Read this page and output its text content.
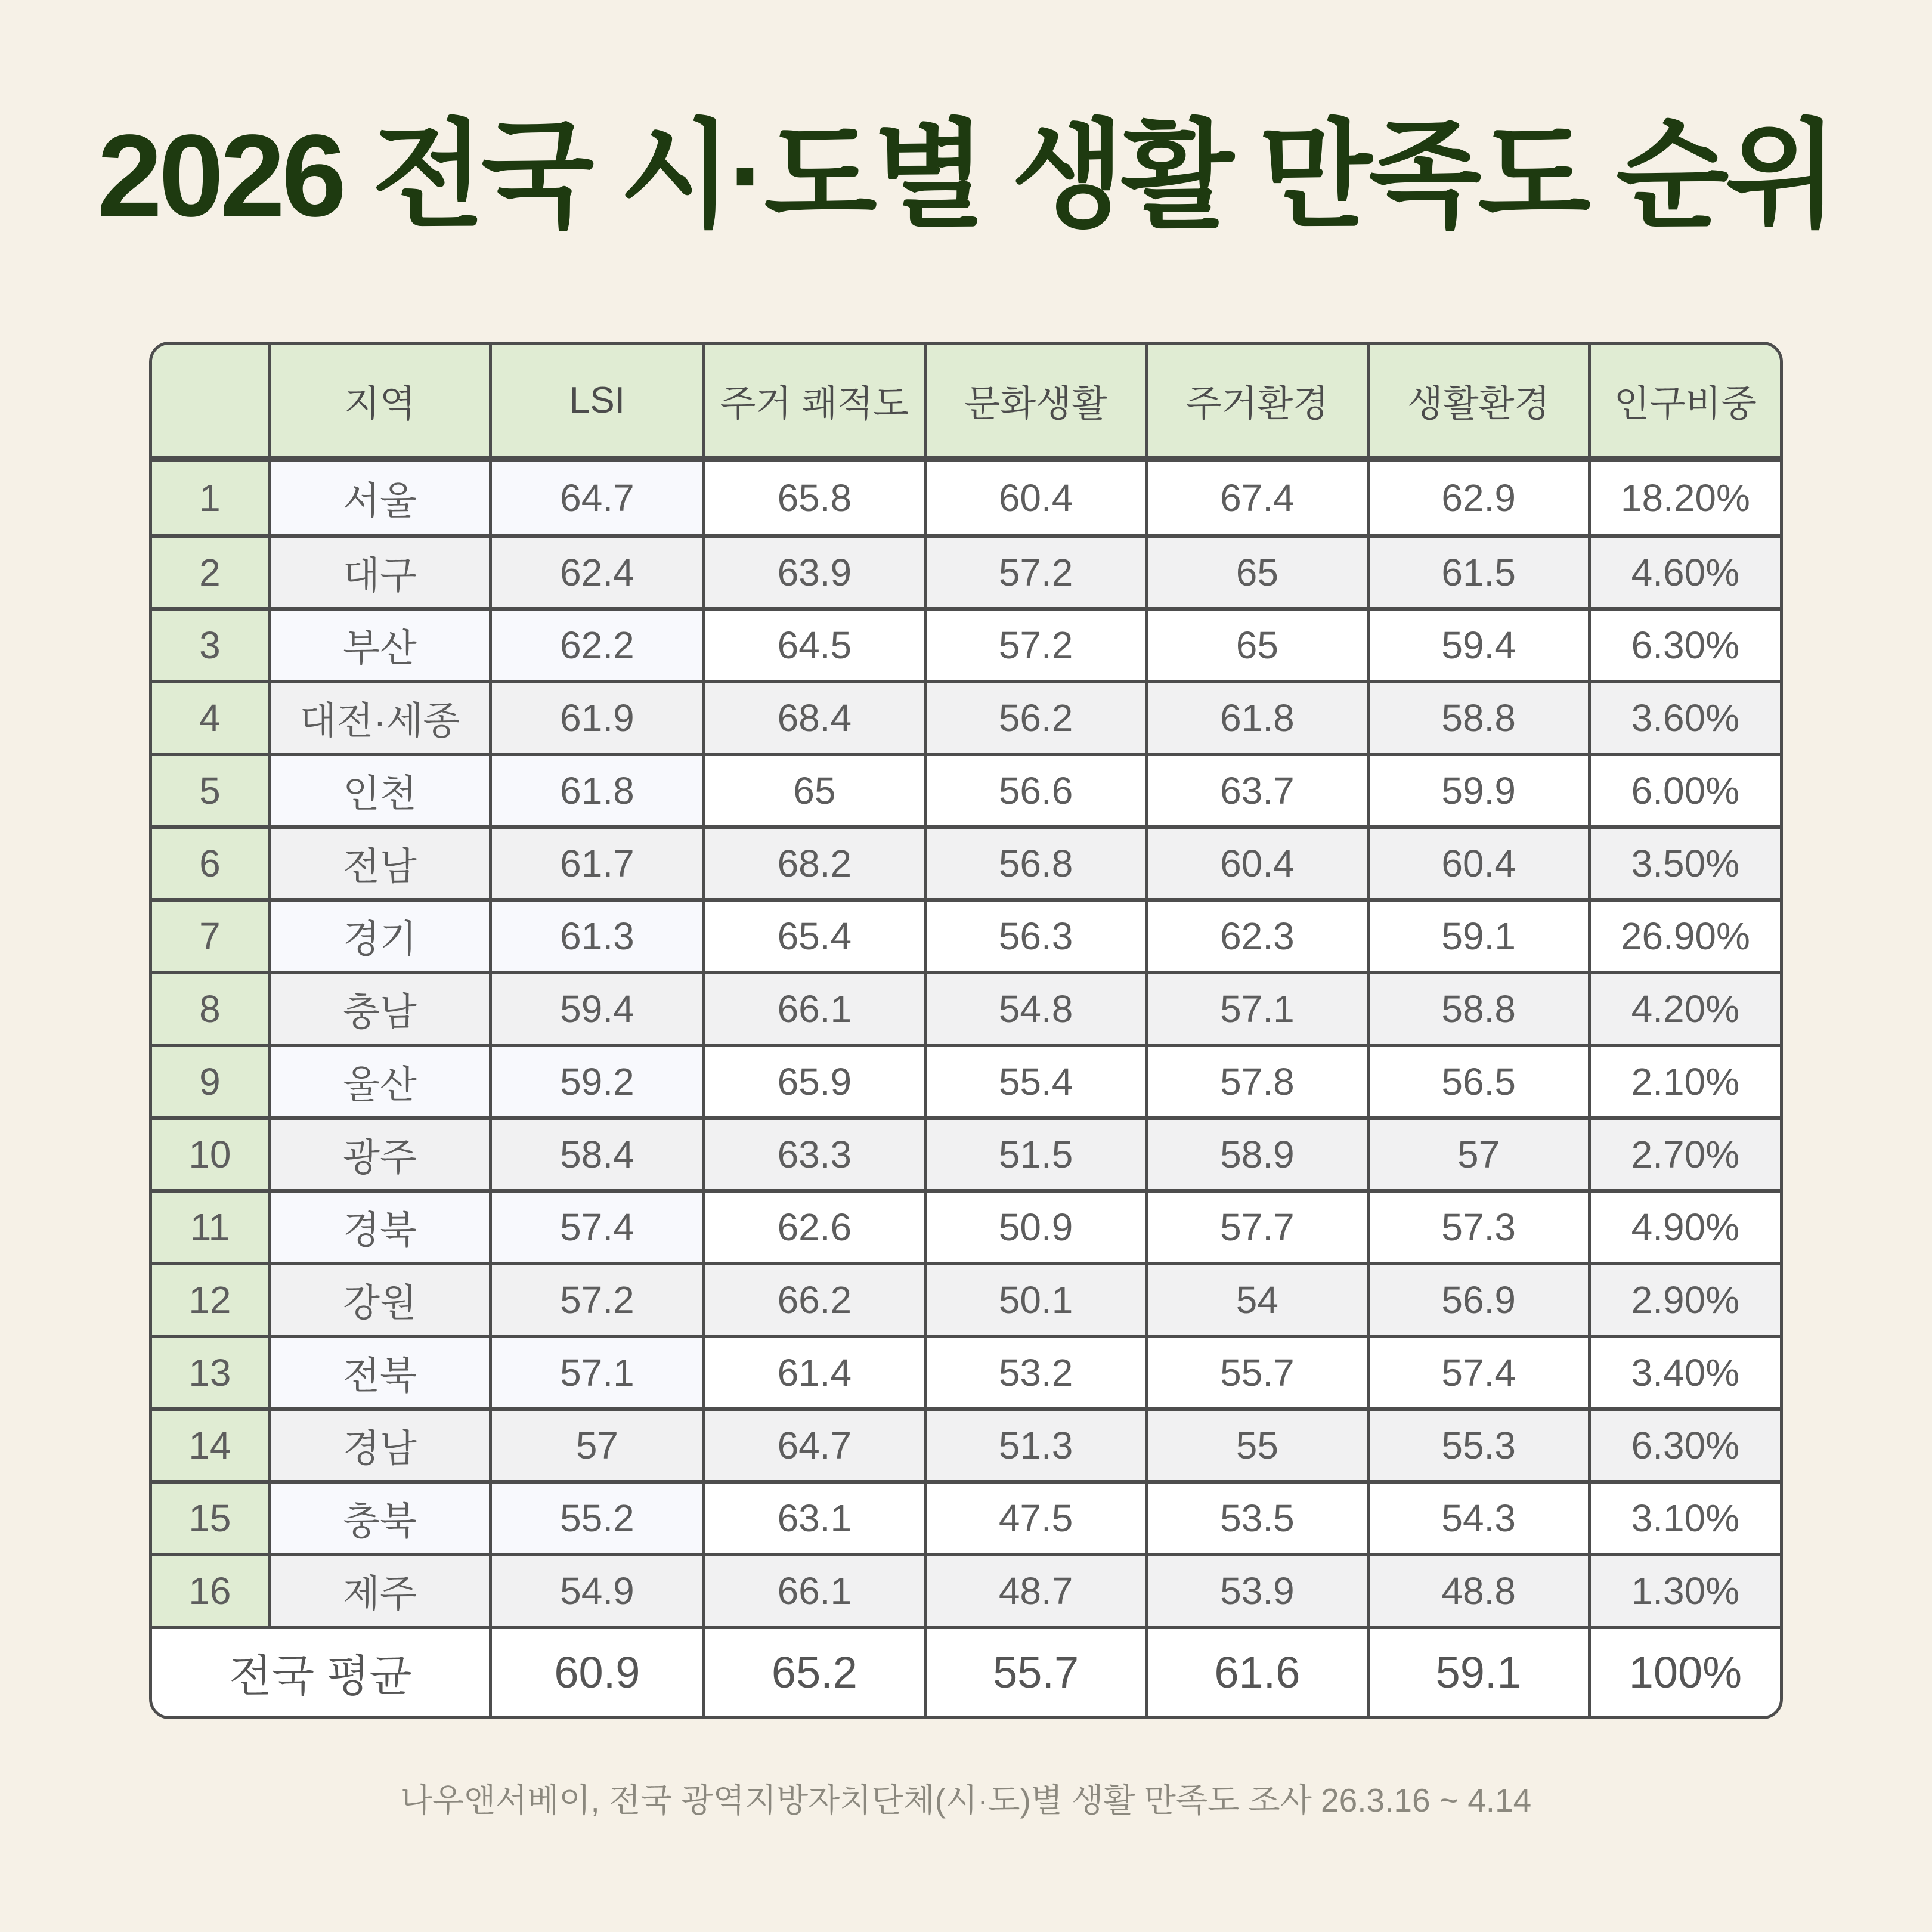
2026 전국 시·도별 생활 만족도 순위
	지역	LSI	주거 쾌적도	문화생활	주거환경	생활환경	인구비중
1	서울	64.7	65.8	60.4	67.4	62.9	18.20%
2	대구	62.4	63.9	57.2	65	61.5	4.60%
3	부산	62.2	64.5	57.2	65	59.4	6.30%
4	대전·세종	61.9	68.4	56.2	61.8	58.8	3.60%
5	인천	61.8	65	56.6	63.7	59.9	6.00%
6	전남	61.7	68.2	56.8	60.4	60.4	3.50%
7	경기	61.3	65.4	56.3	62.3	59.1	26.90%
8	충남	59.4	66.1	54.8	57.1	58.8	4.20%
9	울산	59.2	65.9	55.4	57.8	56.5	2.10%
10	광주	58.4	63.3	51.5	58.9	57	2.70%
11	경북	57.4	62.6	50.9	57.7	57.3	4.90%
12	강원	57.2	66.2	50.1	54	56.9	2.90%
13	전북	57.1	61.4	53.2	55.7	57.4	3.40%
14	경남	57	64.7	51.3	55	55.3	6.30%
15	충북	55.2	63.1	47.5	53.5	54.3	3.10%
16	제주	54.9	66.1	48.7	53.9	48.8	1.30%
전국 평균		60.9	65.2	55.7	61.6	59.1	100%
나우앤서베이, 전국 광역지방자치단체(시·도)별 생활 만족도 조사 26.3.16 ~ 4.14
